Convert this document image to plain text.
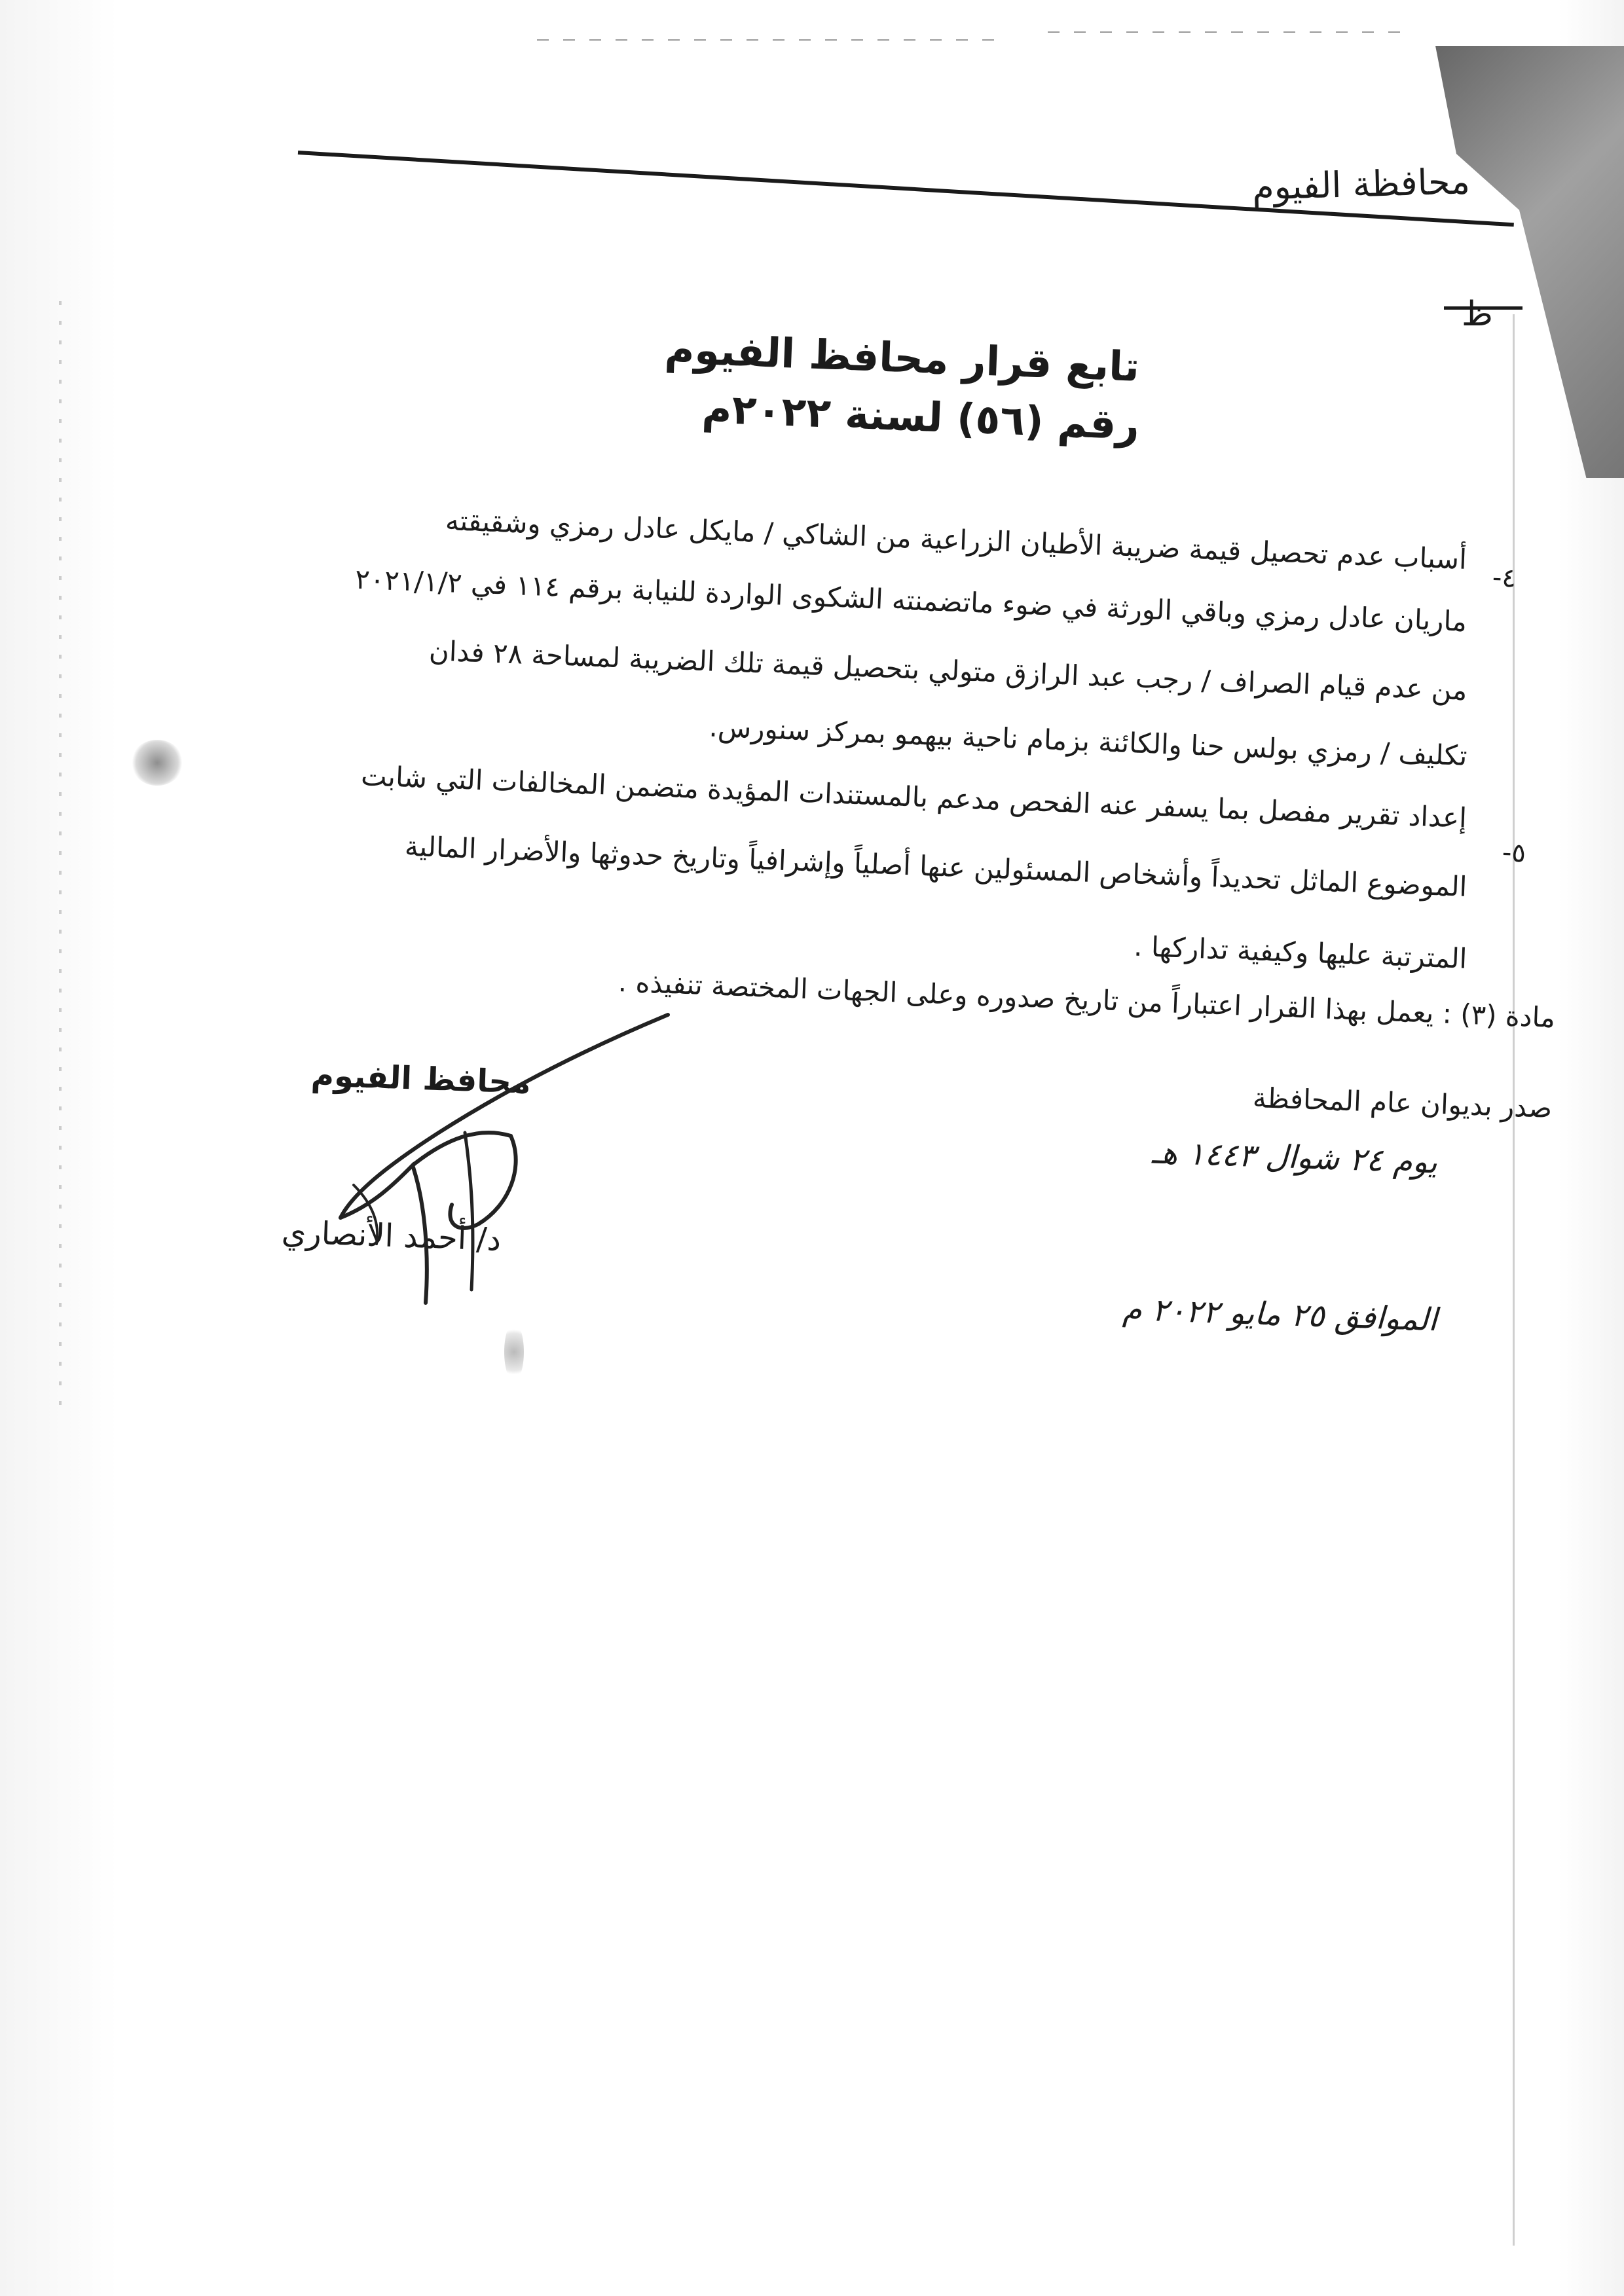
محافظة الفيوم
ظ
تابع قرار محافظ الفيوم
رقم (٥٦) لسنة ٢٠٢٢م
٤-
أسباب عدم تحصيل قيمة ضريبة الأطيان الزراعية من الشاكي / مايكل عادل رمزي وشقيقته
ماريان عادل رمزي وباقي الورثة في ضوء ماتضمنته الشكوى الواردة للنيابة برقم ١١٤ في ٢٠٢١/١/٢
من عدم قيام الصراف / رجب عبد الرازق متولي بتحصيل قيمة تلك الضريبة لمساحة ٢٨ فدان
تكليف / رمزي بولس حنا والكائنة بزمام ناحية بيهمو بمركز سنورس.
٥-
إعداد تقرير مفصل بما يسفر عنه الفحص مدعم بالمستندات المؤيدة متضمن المخالفات التي شابت
الموضوع الماثل تحديداً وأشخاص المسئولين عنها أصلياً وإشرافياً وتاريخ حدوثها والأضرار المالية
المترتبة عليها وكيفية تداركها .
مادة (٣) : يعمل بهذا القرار اعتباراً من تاريخ صدوره وعلى الجهات المختصة تنفيذه .
صدر بديوان عام المحافظة
يوم ٢٤ شوال ١٤٤٣ هـ
الموافق ٢٥ مايو ٢٠٢٢ م
محافظ الفيوم
د/ أحمد الأنصاري
